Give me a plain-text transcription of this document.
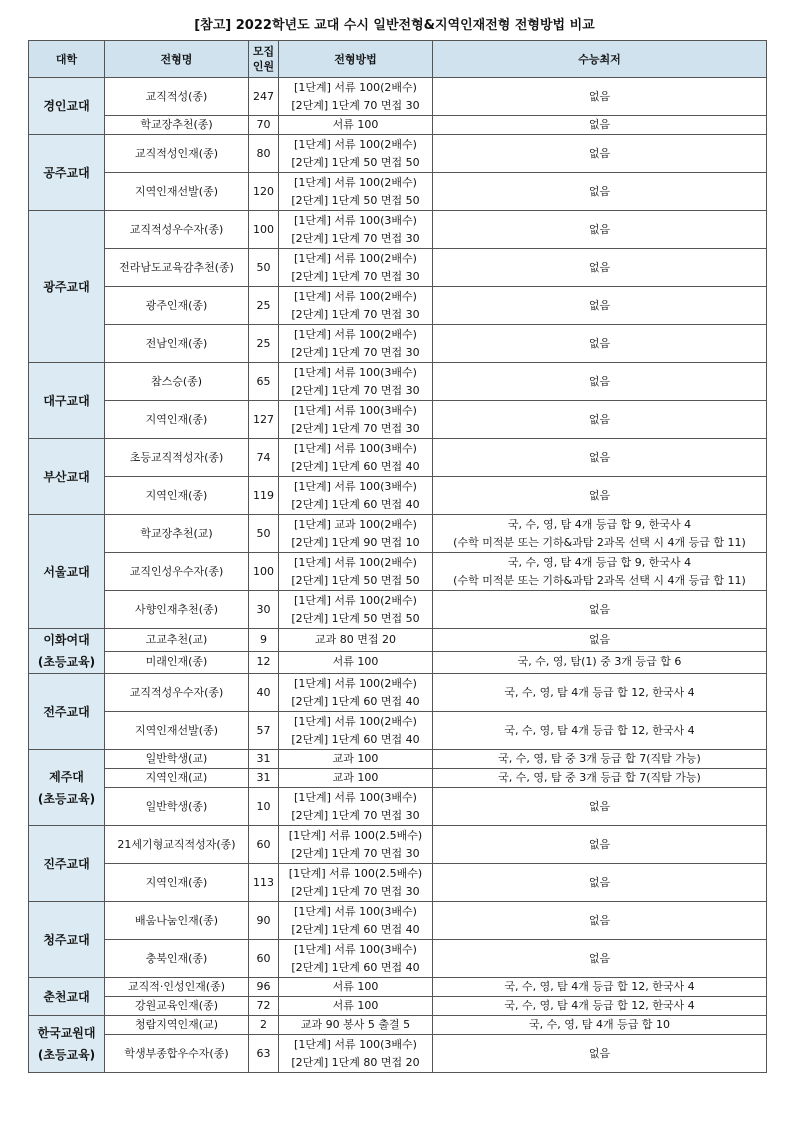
[참고] 2022학년도 교대 수시 일반전형&지역인재전형 전형방법 비교
대학	전형명	모집
인원	전형방법	수능최저
경인교대	교직적성(종)	247	[1단계] 서류 100(2배수)
[2단계] 1단계 70 면접 30	없음

	학교장추천(종)	70	서류 100	없음

공주교대	교직적성인재(종)	80	[1단계] 서류 100(2배수)
[2단계] 1단계 50 면접 50	없음

	지역인재선발(종)	120	[1단계] 서류 100(2배수)
[2단계] 1단계 50 면접 50	없음

광주교대	교직적성우수자(종)	100	[1단계] 서류 100(3배수)
[2단계] 1단계 70 면접 30	없음

	전라남도교육감추천(종)	50	[1단계] 서류 100(2배수)
[2단계] 1단계 70 면접 30	없음

	광주인재(종)	25	[1단계] 서류 100(2배수)
[2단계] 1단계 70 면접 30	없음

	전남인재(종)	25	[1단계] 서류 100(2배수)
[2단계] 1단계 70 면접 30	없음

대구교대	참스승(종)	65	[1단계] 서류 100(3배수)
[2단계] 1단계 70 면접 30	없음

	지역인재(종)	127	[1단계] 서류 100(3배수)
[2단계] 1단계 70 면접 30	없음

부산교대	초등교직적성자(종)	74	[1단계] 서류 100(3배수)
[2단계] 1단계 60 면접 40	없음

	지역인재(종)	119	[1단계] 서류 100(3배수)
[2단계] 1단계 60 면접 40	없음

서울교대	학교장추천(교)	50	[1단계] 교과 100(2배수)
[2단계] 1단계 90 면접 10	국, 수, 영, 탐 4개 등급 합 9, 한국사 4
(수학 미적분 또는 기하&과탐 2과목 선택 시 4개 등급 합 11)

	교직인성우수자(종)	100	[1단계] 서류 100(2배수)
[2단계] 1단계 50 면접 50	국, 수, 영, 탐 4개 등급 합 9, 한국사 4
(수학 미적분 또는 기하&과탐 2과목 선택 시 4개 등급 합 11)

	사향인재추천(종)	30	[1단계] 서류 100(2배수)
[2단계] 1단계 50 면접 50	없음

이화여대
(초등교육)	고교추천(교)	9	교과 80 면접 20	없음

	미래인재(종)	12	서류 100	국, 수, 영, 탐(1) 중 3개 등급 합 6

전주교대	교직적성우수자(종)	40	[1단계] 서류 100(2배수)
[2단계] 1단계 60 면접 40	국, 수, 영, 탐 4개 등급 합 12, 한국사 4

	지역인재선발(종)	57	[1단계] 서류 100(2배수)
[2단계] 1단계 60 면접 40	국, 수, 영, 탐 4개 등급 합 12, 한국사 4

제주대
(초등교육)	일반학생(교)	31	교과 100	국, 수, 영, 탐 중 3개 등급 합 7(직탐 가능)

	지역인재(교)	31	교과 100	국, 수, 영, 탐 중 3개 등급 합 7(직탐 가능)

	일반학생(종)	10	[1단계] 서류 100(3배수)
[2단계] 1단계 70 면접 30	없음

진주교대	21세기형교직적성자(종)	60	[1단계] 서류 100(2.5배수)
[2단계] 1단계 70 면접 30	없음

	지역인재(종)	113	[1단계] 서류 100(2.5배수)
[2단계] 1단계 70 면접 30	없음

청주교대	배움나눔인재(종)	90	[1단계] 서류 100(3배수)
[2단계] 1단계 60 면접 40	없음

	충북인재(종)	60	[1단계] 서류 100(3배수)
[2단계] 1단계 60 면접 40	없음

춘천교대	교직적·인성인재(종)	96	서류 100	국, 수, 영, 탐 4개 등급 합 12, 한국사 4

	강원교육인재(종)	72	서류 100	국, 수, 영, 탐 4개 등급 합 12, 한국사 4

한국교원대
(초등교육)	청람지역인재(교)	2	교과 90 봉사 5 출결 5	국, 수, 영, 탐 4개 등급 합 10

	학생부종합우수자(종)	63	[1단계] 서류 100(3배수)
[2단계] 1단계 80 면접 20	없음
